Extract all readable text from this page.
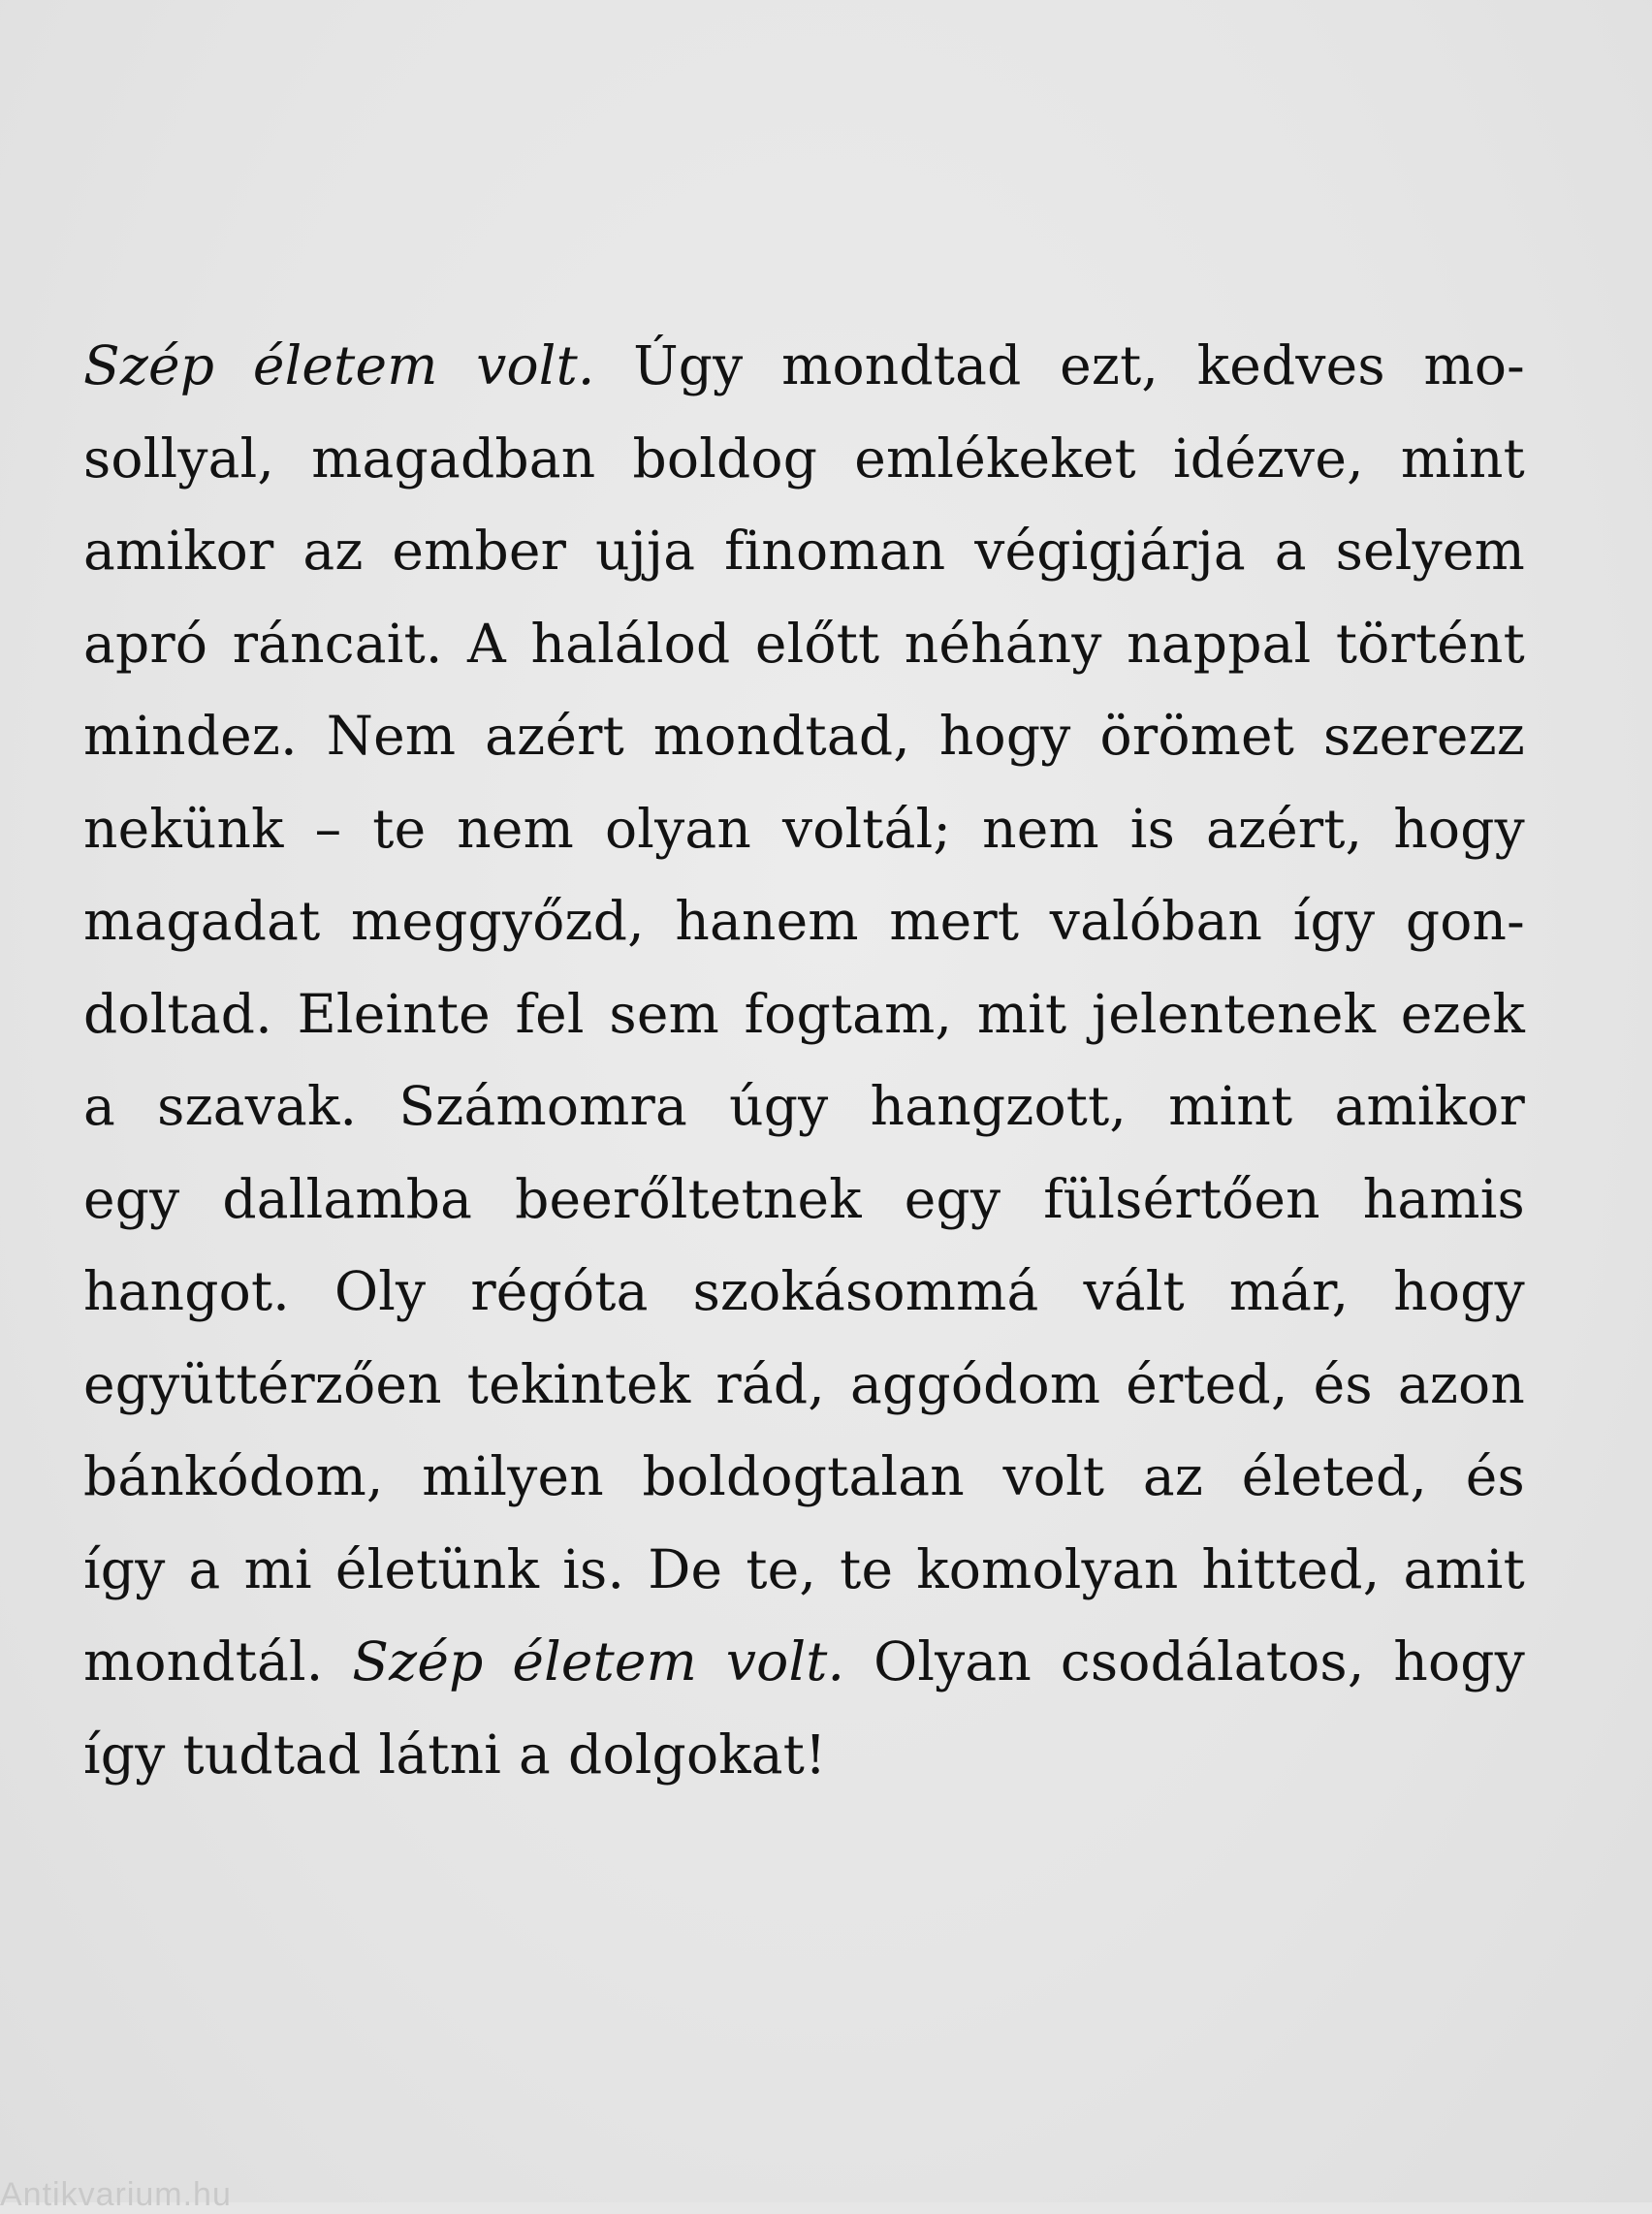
Szép életem volt. Úgy mondtad ezt, kedves mo-
sollyal, magadban boldog emlékeket idézve, mint
amikor az ember ujja finoman végigjárja a selyem
apró ráncait. A halálod előtt néhány nappal történt
mindez. Nem azért mondtad, hogy örömet szerezz
nekünk – te nem olyan voltál; nem is azért, hogy
magadat meggyőzd, hanem mert valóban így gon-
doltad. Eleinte fel sem fogtam, mit jelentenek ezek
a szavak. Számomra úgy hangzott, mint amikor
egy dallamba beerőltetnek egy fülsértően hamis
hangot. Oly régóta szokásommá vált már, hogy
együttérzően tekintek rád, aggódom érted, és azon
bánkódom, milyen boldogtalan volt az életed, és
így a mi életünk is. De te, te komolyan hitted, amit
mondtál. Szép életem volt. Olyan csodálatos, hogy
így tudtad látni a dolgokat!
Antikvarium.hu
